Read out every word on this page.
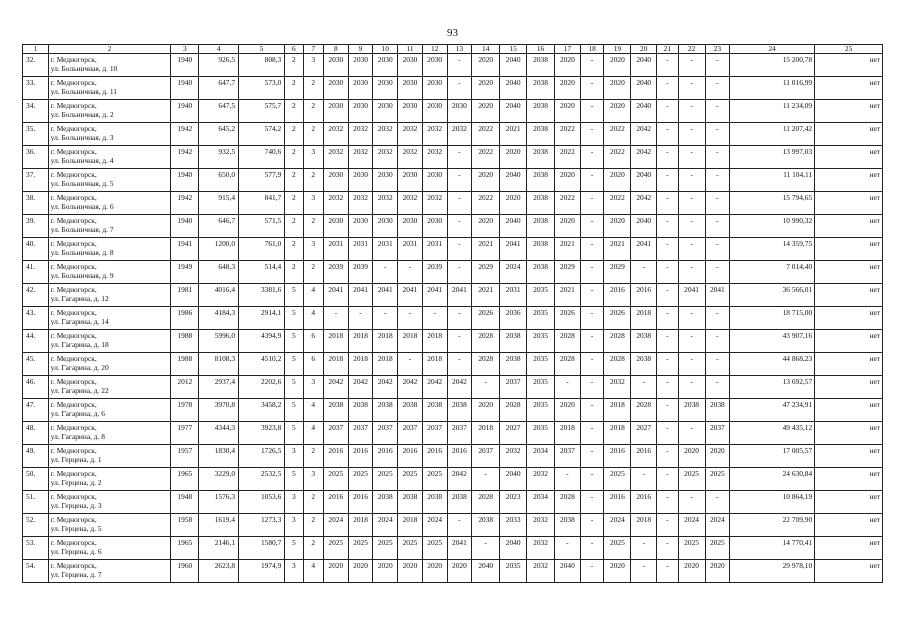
93
1	2	3	4	5	6	7	8	9	10	11	12	13	14	15	16	17	18	19	20	21	22	23	24	25
32.	г. Медногорск,
ул. Больничная, д. 10	1940	926,5	808,3	2	3	2030	2030	2030	2030	2030	-	2020	2040	2038	2020	-	2020	2040	-	-	-	15 200,78	нет
33.	г. Медногорск,
ул. Больничная, д. 11	1940	647,7	573,0	2	2	2030	2030	2030	2030	2030	-	2020	2040	2038	2020	-	2020	2040	-	-	-	11 016,99	нет
34.	г. Медногорск,
ул. Больничная, д. 2	1940	647,5	575,7	2	2	2030	2030	2030	2030	2030	2030	2020	2040	2038	2020	-	2020	2040	-	-	-	11 234,09	нет
35.	г. Медногорск,
ул. Больничная, д. 3	1942	645,2	574,2	2	2	2032	2032	2032	2032	2032	2032	2022	2021	2038	2022	-	2022	2042	-	-	-	11 207,42	нет
36.	г. Медногорск,
ул. Больничная, д. 4	1942	932,5	740,6	2	3	2032	2032	2032	2032	2032	-	2022	2020	2038	2022	-	2022	2042	-	-	-	13 997,03	нет
37.	г. Медногорск,
ул. Больничная, д. 5	1940	650,0	577,9	2	2	2030	2030	2030	2030	2030	-	2020	2040	2038	2020	-	2020	2040	-	-	-	11 104,11	нет
38.	г. Медногорск,
ул. Больничная, д. 6	1942	915,4	841,7	2	3	2032	2032	2032	2032	2032	-	2022	2020	2038	2022	-	2022	2042	-	-	-	15 794,65	нет
39.	г. Медногорск,
ул. Больничная, д. 7	1940	646,7	571,5	2	2	2030	2030	2030	2030	2030	-	2020	2040	2038	2020	-	2020	2040	-	-	-	10 990,32	нет
40.	г. Медногорск,
ул. Больничная, д. 8	1941	1200,0	761,0	2	3	2031	2031	2031	2031	2031	-	2021	2041	2038	2021	-	2021	2041	-	-	-	14 359,75	нет
41.	г. Медногорск,
ул. Больничная, д. 9	1949	648,3	514,4	2	2	2039	2039	-	-	2039	-	2029	2024	2038	2029	-	2029	-	-	-	-	7 014,40	нет
42.	г. Медногорск,
ул. Гагарина, д. 12	1981	4016,4	3381,6	5	4	2041	2041	2041	2041	2041	2041	2021	2031	2035	2021	-	2016	2016	-	2041	2041	36 566,01	нет
43.	г. Медногорск,
ул. Гагарина, д. 14	1986	4184,3	2914,1	5	4	-	-	-	-	-	-	2026	2036	2035	2026	-	2026	2018	-	-	-	18 715,00	нет
44.	г. Медногорск,
ул. Гагарина, д. 18	1988	5996,0	4394,9	5	6	2018	2018	2018	2018	2018	-	2028	2038	2035	2028	-	2028	2038	-	-	-	43 907,16	нет
45.	г. Медногорск,
ул. Гагарина, д. 20	1988	8108,3	4510,2	5	6	2018	2018	2018	-	2018	-	2028	2038	2035	2028	-	2028	2038	-	-	-	44 868,23	нет
46.	г. Медногорск,
ул. Гагарина, д. 22	2012	2937,4	2202,6	5	3	2042	2042	2042	2042	2042	2042	-	2037	2035	-	-	2032	-	-	-	-	13 692,57	нет
47.	г. Медногорск,
ул. Гагарина, д. 6	1978	3970,8	3458,2	5	4	2038	2038	2038	2038	2038	2038	2020	2028	2035	2020	-	2018	2028	-	2038	2038	47 234,91	нет
48.	г. Медногорск,
ул. Гагарина, д. 8	1977	4344,3	3923,8	5	4	2037	2037	2037	2037	2037	2037	2018	2027	2035	2018	-	2018	2027	-	-	2037	49 435,12	нет
49.	г. Медногорск,
ул. Герцена, д. 1	1957	1830,4	1726,5	3	2	2016	2016	2016	2016	2016	2016	2037	2032	2034	2037	-	2016	2016	-	2020	2020	17 005,57	нет
50.	г. Медногорск,
ул. Герцена, д. 2	1965	3229,0	2532,5	5	3	2025	2025	2025	2025	2025	2042	-	2040	2032	-	-	2025	-	-	2025	2025	24 630,84	нет
51.	г. Медногорск,
ул. Герцена, д. 3	1948	1576,3	1053,6	3	2	2016	2016	2038	2038	2038	2038	2028	2023	2034	2028	-	2016	2016	-	-	-	10 864,19	нет
52.	г. Медногорск,
ул. Герцена, д. 5	1958	1619,4	1273,3	3	2	2024	2018	2024	2018	2024	-	2038	2033	2032	2038	-	2024	2018	-	2024	2024	22 709,90	нет
53.	г. Медногорск,
ул. Герцена, д. 6	1965	2146,1	1580,7	5	2	2025	2025	2025	2025	2025	2041	-	2040	2032	-	-	2025	-	-	2025	2025	14 770,41	нет
54.	г. Медногорск,
ул. Герцена, д. 7	1960	2623,8	1974,9	3	4	2020	2020	2020	2020	2020	2020	2040	2035	2032	2040	-	2020	-	-	2020	2020	29 978,10	нет
